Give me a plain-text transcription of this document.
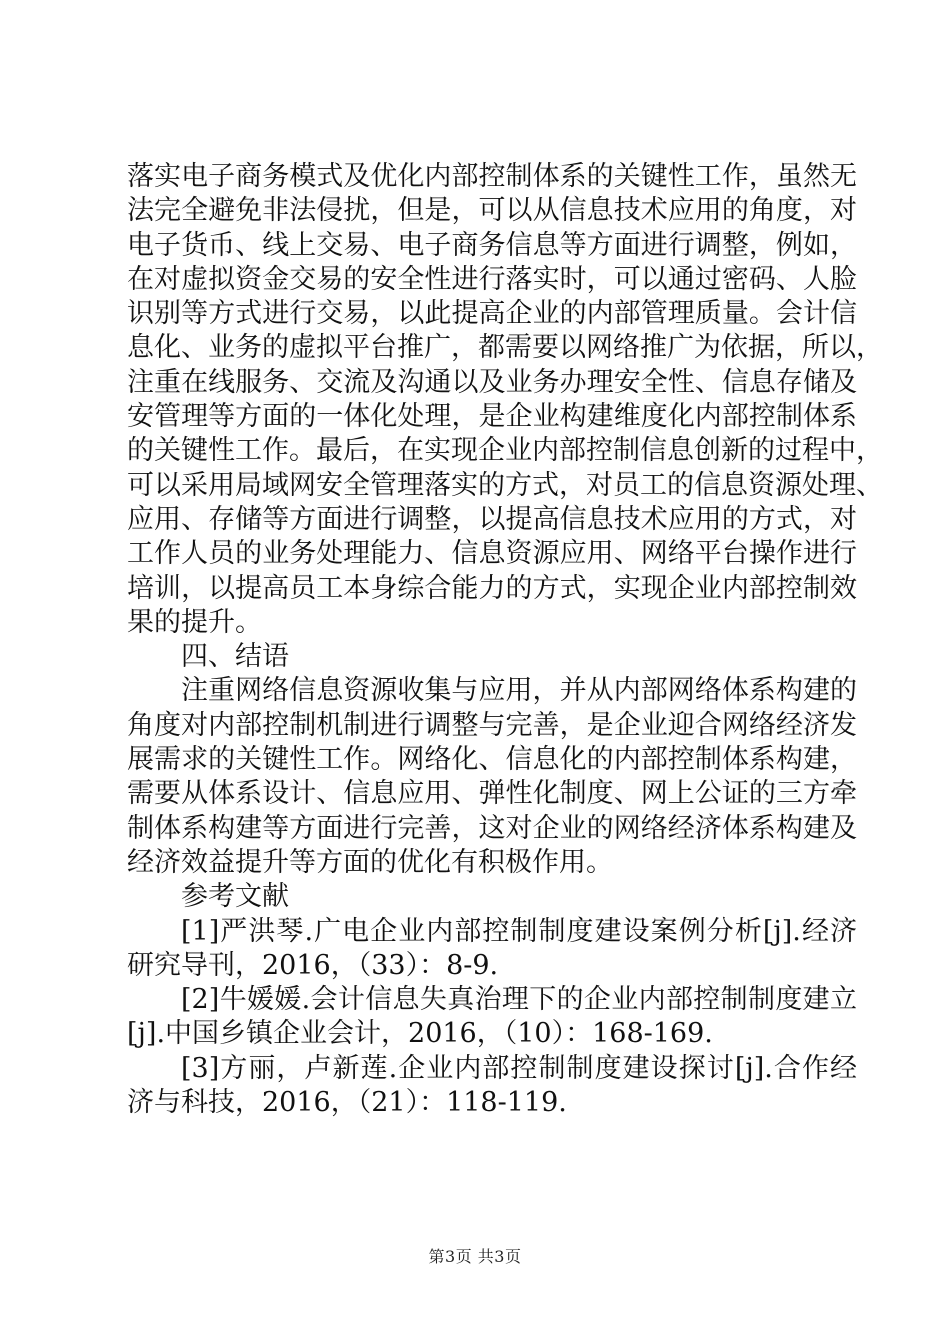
落实电子商务模式及优化内部控制体系的关键性工作，虽然无
法完全避免非法侵扰，但是，可以从信息技术应用的角度，对
电子货币、线上交易、电子商务信息等方面进行调整，例如，
在对虚拟资金交易的安全性进行落实时，可以通过密码、人脸
识别等方式进行交易，以此提高企业的内部管理质量。会计信
息化、业务的虚拟平台推广，都需要以网络推广为依据，所以，
注重在线服务、交流及沟通以及业务办理安全性、信息存储及
安管理等方面的一体化处理，是企业构建维度化内部控制体系
的关键性工作。最后，在实现企业内部控制信息创新的过程中，
可以采用局域网安全管理落实的方式，对员工的信息资源处理、
应用、存储等方面进行调整，以提高信息技术应用的方式，对
工作人员的业务处理能力、信息资源应用、网络平台操作进行
培训，以提高员工本身综合能力的方式，实现企业内部控制效
果的提升。
四、结语
注重网络信息资源收集与应用，并从内部网络体系构建的
角度对内部控制机制进行调整与完善，是企业迎合网络经济发
展需求的关键性工作。网络化、信息化的内部控制体系构建，
需要从体系设计、信息应用、弹性化制度、网上公证的三方牵
制体系构建等方面进行完善，这对企业的网络经济体系构建及
经济效益提升等方面的优化有积极作用。
参考文献
[1]严洪琴.广电企业内部控制制度建设案例分析[j].经济
研究导刊，2016，（33）：8-9.
[2]牛媛媛.会计信息失真治理下的企业内部控制制度建立
[j].中国乡镇企业会计，2016，（10）：168-169.
[3]方丽，卢新莲.企业内部控制制度建设探讨[j].合作经
济与科技，2016，（21）：118-119.
第3页 共3页
